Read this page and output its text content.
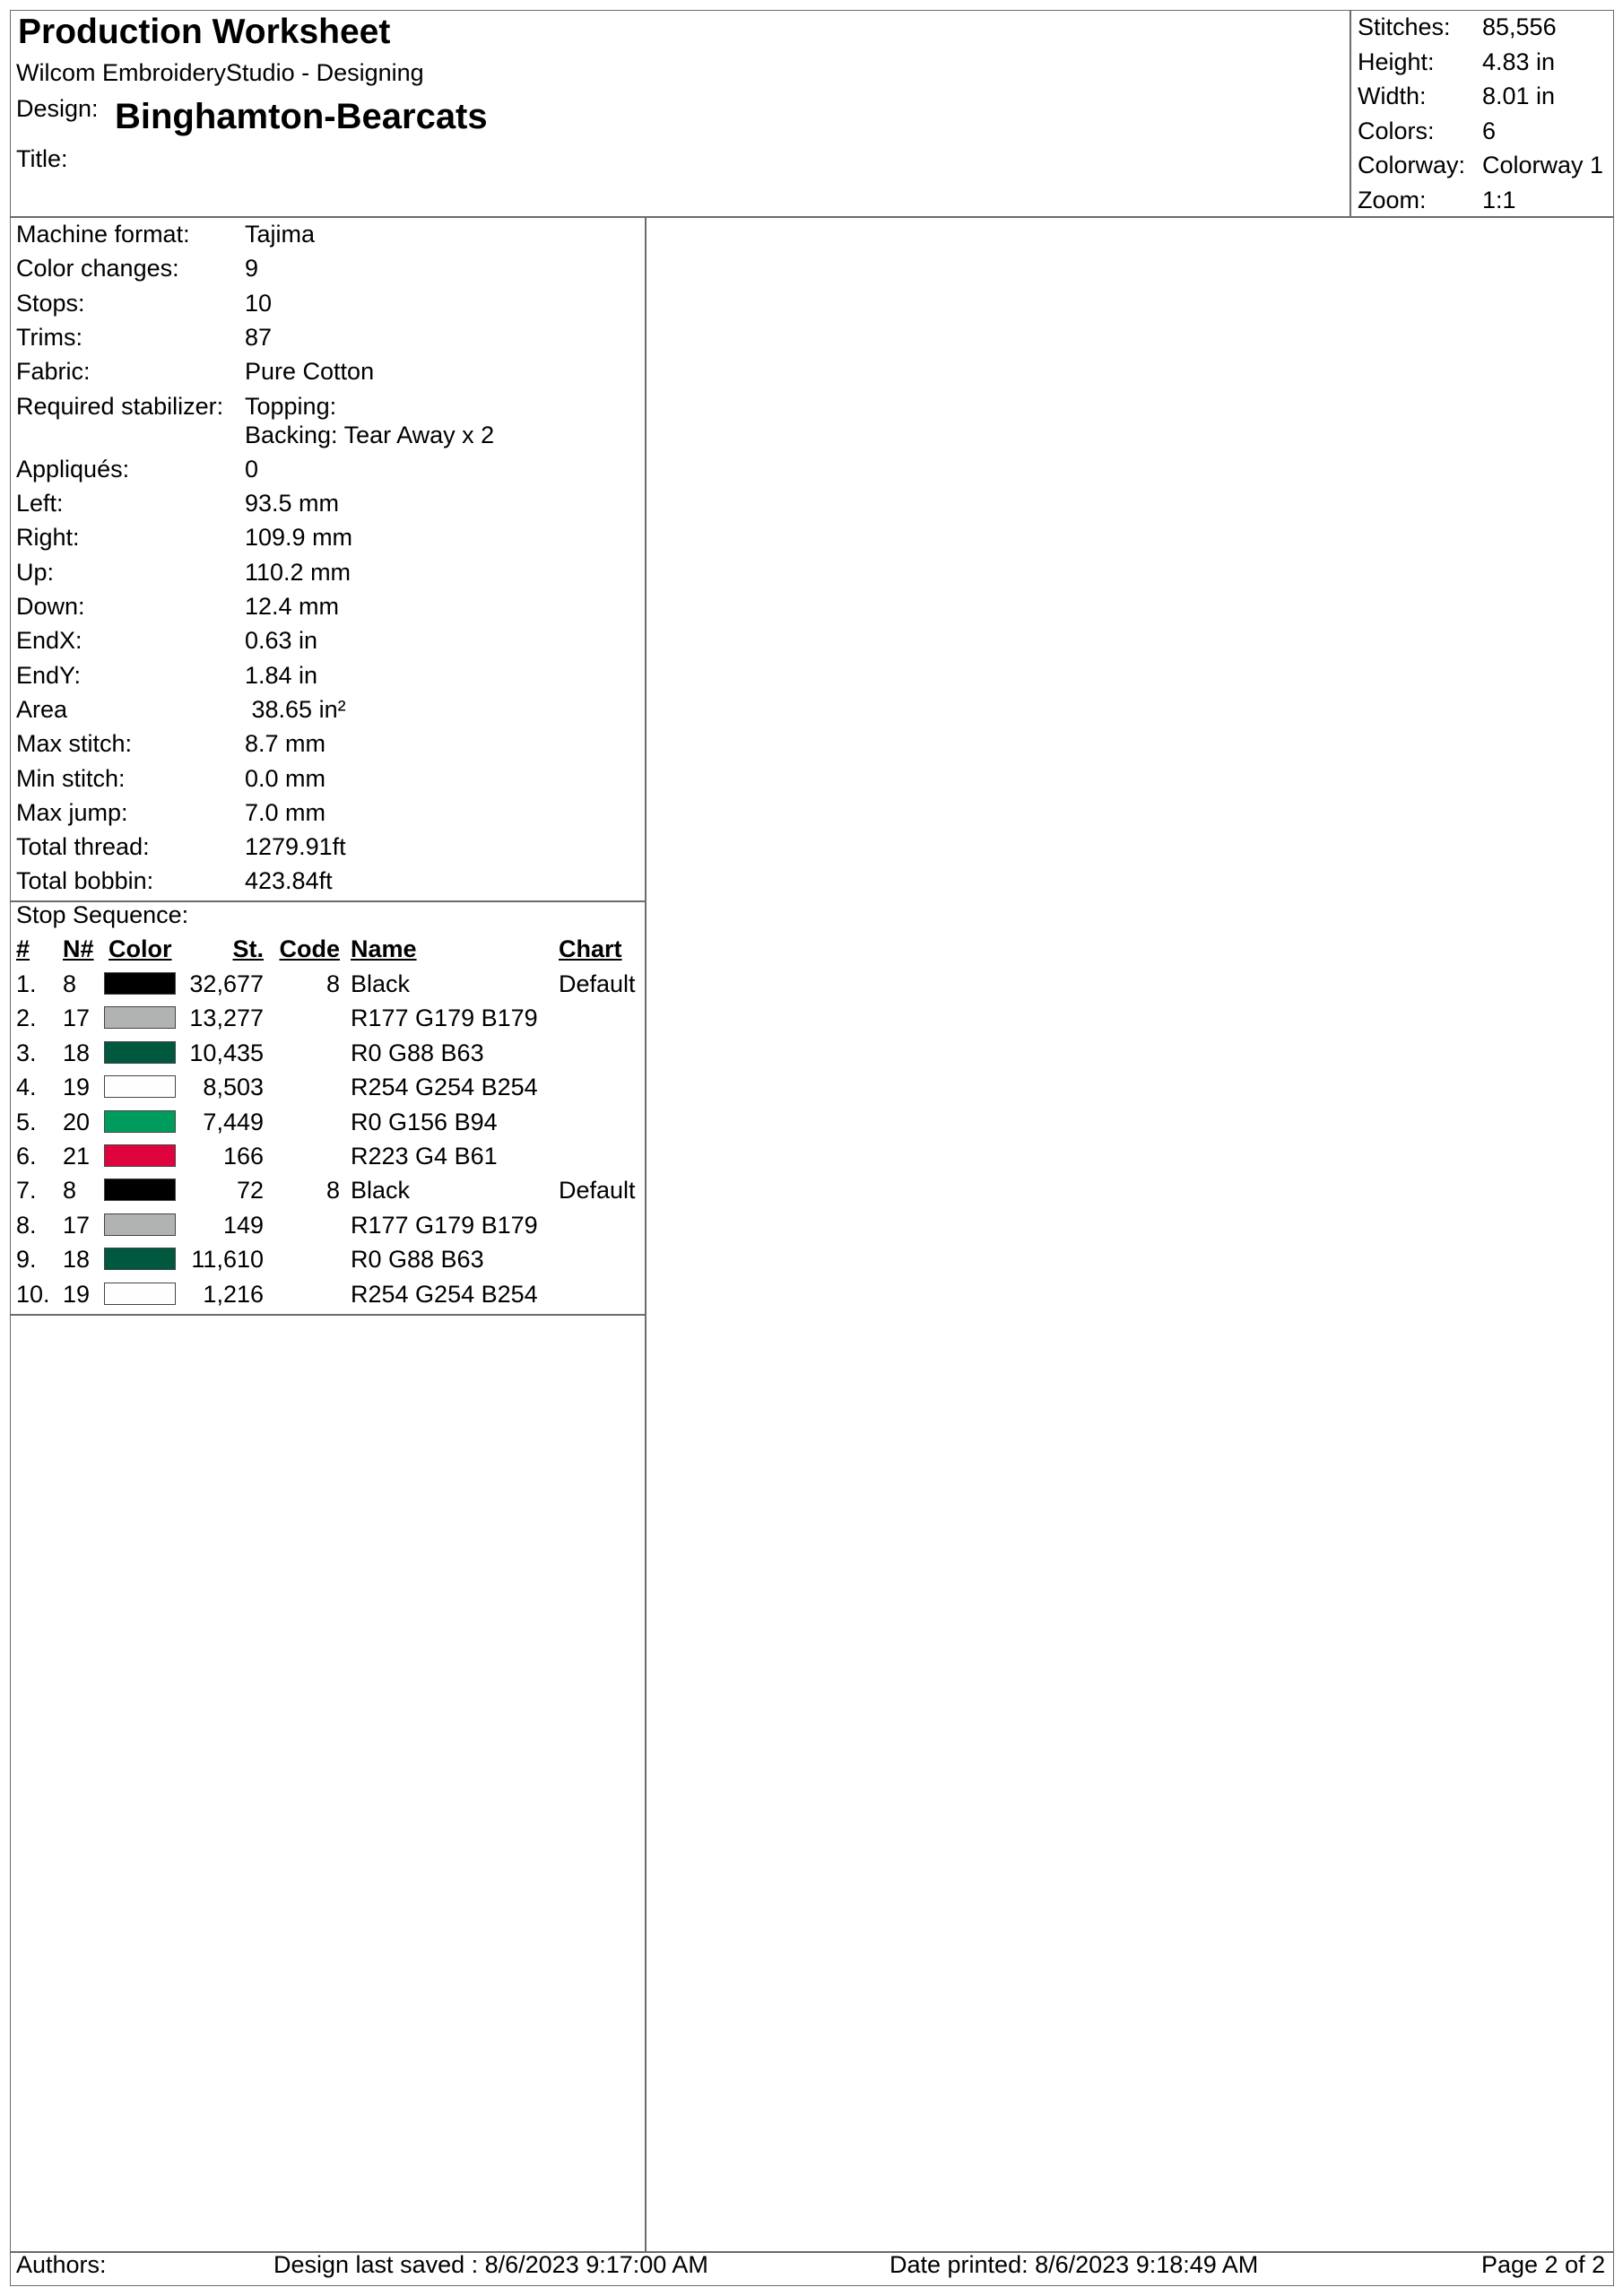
Production Worksheet
Wilcom EmbroideryStudio - Designing
Design: Binghamton-Bearcats
Title:
Stitches: 85,556
Height: 4.83 in
Width: 8.01 in
Colors: 6
Colorway: Colorway 1
Zoom: 1:1
Machine format: Tajima
Color changes:	9
Stops:	10
Trims:	87
Fabric:	Pure Cotton
Required stabilizer: Topping:
Backing: Tear Away x 2
Appliqués:	0
Left:	93.5 mm
Right:	109.9 mm
Up:	110.2 mm
Down:	12.4 mm
EndX:	0.63 in
EndY:	1.84 in
Area	38.65 in²
Max stitch:	8.7 mm
Min stitch:	0.0 mm
Max jump:	7.0 mm
Total thread:	1279.91ft
Total bobbin:	423.84ft
Stop Sequence:
# N# Color	St. Code Name	Chart
1. 8	32,677	8 Black	Default
2. 17	13,277	R177 G179 B179
3. 18	10,435	R0 G88 B63
4. 19	8,503	R254 G254 B254
5. 20	7,449	R0 G156 B94
6. 21	166	R223 G4 B61
7. 8	72	8 Black	Default
8. 17	149	R177 G179 B179
9. 18	11,610	R0 G88 B63
10. 19	1,216	R254 G254 B254
Authors:	Design last saved : 8/6/2023 9:17:00 AM	Date printed: 8/6/2023 9:18:49 AM	Page 2 of 2
